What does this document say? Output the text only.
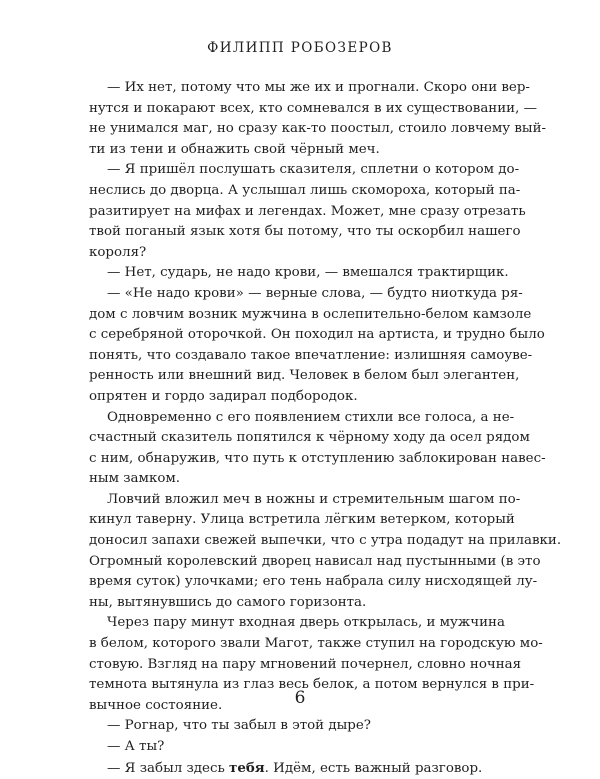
ФИЛИПП РОБОЗЕРОВ
— Их нет, потому что мы же их и прогнали. Скоро они вер-
нутся и покарают всех, кто сомневался в их существовании, —
не унимался маг, но сразу как-то поостыл, стоило ловчему вый-
ти из тени и обнажить свой чёрный меч.
— Я пришёл послушать сказителя, сплетни о котором до-
неслись до дворца. А услышал лишь скомороха, который па-
разитирует на мифах и легендах. Может, мне сразу отрезать
твой поганый язык хотя бы потому, что ты оскорбил нашего
короля?
— Нет, сударь, не надо крови, — вмешался трактирщик.
— «Не надо крови» — верные слова, — будто ниоткуда ря-
дом с ловчим возник мужчина в ослепительно-белом камзоле
с серебряной оторочкой. Он походил на артиста, и трудно было
понять, что создавало такое впечатление: излишняя самоуве-
ренность или внешний вид. Человек в белом был элегантен,
опрятен и гордо задирал подбородок.
Одновременно с его появлением стихли все голоса, а не-
счастный сказитель попятился к чёрному ходу да осел рядом
с ним, обнаружив, что путь к отступлению заблокирован навес-
ным замком.
Ловчий вложил меч в ножны и стремительным шагом по-
кинул таверну. Улица встретила лёгким ветерком, который
доносил запахи свежей выпечки, что с утра подадут на прилавки.
Огромный королевский дворец нависал над пустынными (в это
время суток) улочками; его тень набрала силу нисходящей лу-
ны, вытянувшись до самого горизонта.
Через пару минут входная дверь открылась, и мужчина
в белом, которого звали Магот, также ступил на городскую мо-
стовую. Взгляд на пару мгновений почернел, словно ночная
темнота вытянула из глаз весь белок, а потом вернулся в при-
вычное состояние.
— Рогнар, что ты забыл в этой дыре?
— А ты?
— Я забыл здесь тебя. Идём, есть важный разговор.
6
